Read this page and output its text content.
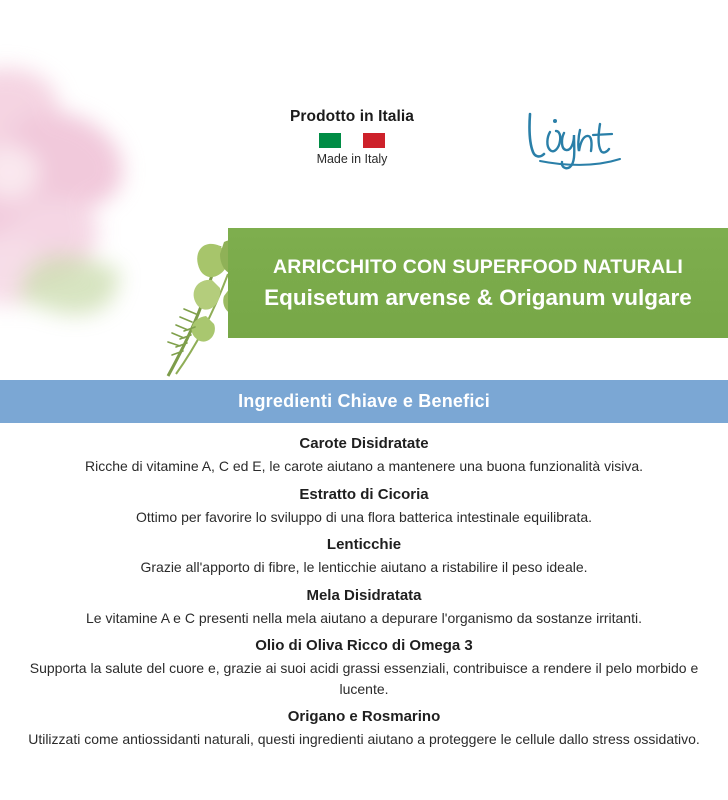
Prodotto in Italia
Made in Italy
ARRICCHITO CON SUPERFOOD NATURALI
Equisetum arvense & Origanum vulgare
Ingredienti Chiave e Benefici

Carote Disidratate

Ricche di vitamine A, C ed E, le carote aiutano a mantenere una buona funzionalità visiva.

Estratto di Cicoria

Ottimo per favorire lo sviluppo di una flora batterica intestinale equilibrata.

Lenticchie

Grazie all'apporto di fibre, le lenticchie aiutano a ristabilire il peso ideale.

Mela Disidratata

Le vitamine A e C presenti nella mela aiutano a depurare l'organismo da sostanze irritanti.

Olio di Oliva Ricco di Omega 3

Supporta la salute del cuore e, grazie ai suoi acidi grassi essenziali, contribuisce a rendere il pelo morbido e lucente.

Origano e Rosmarino

Utilizzati come antiossidanti naturali, questi ingredienti aiutano a proteggere le cellule dallo stress ossidativo.
